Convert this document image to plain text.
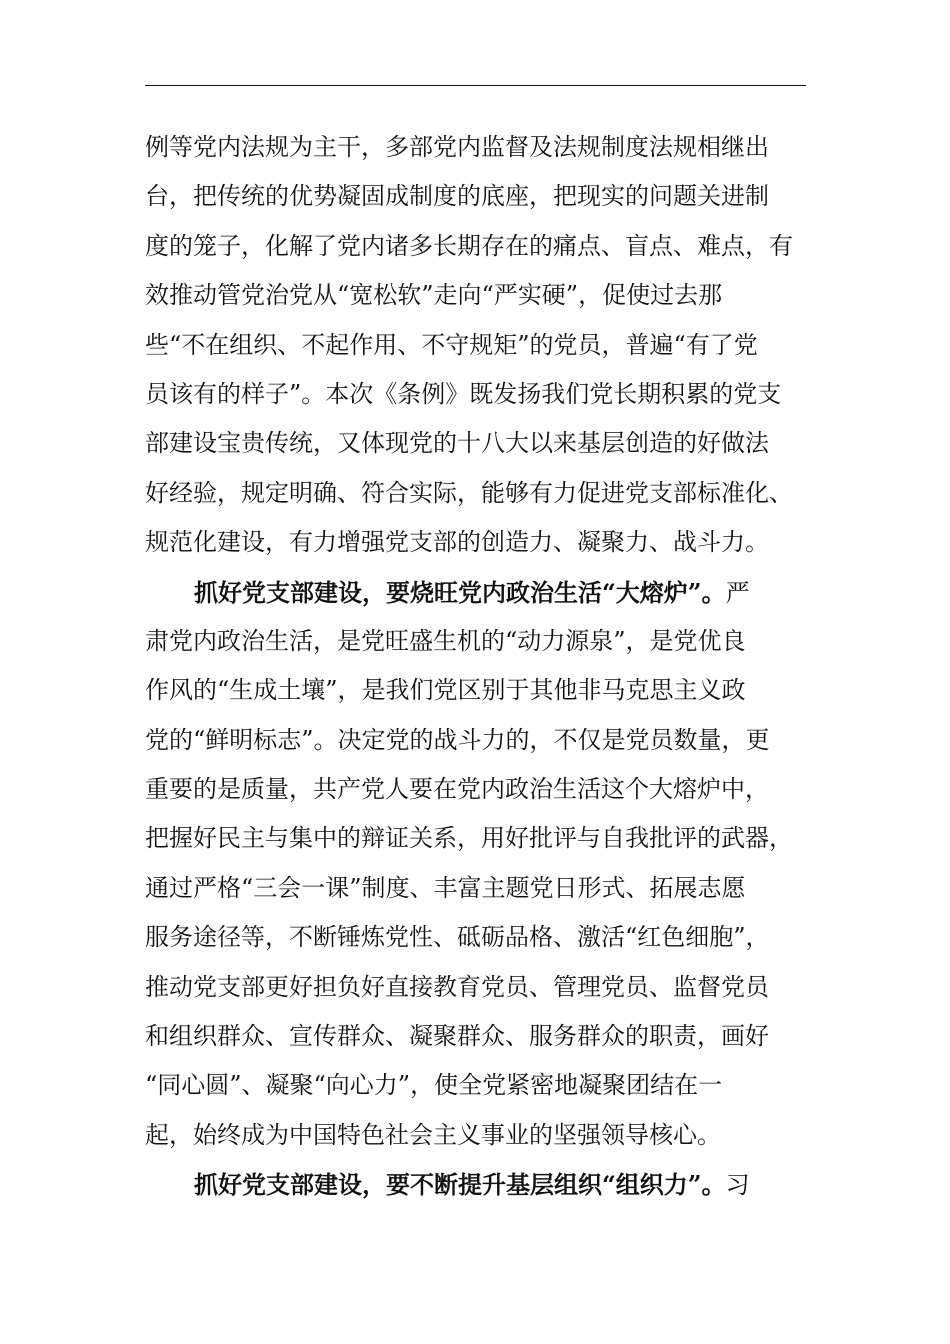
例等党内法规为主干，多部党内监督及法规制度法规相继出
台，把传统的优势凝固成制度的底座，把现实的问题关进制
度的笼子，化解了党内诸多长期存在的痛点、盲点、难点，有
效推动管党治党从“宽松软”走向“严实硬”，促使过去那
些“不在组织、不起作用、不守规矩”的党员，普遍“有了党
员该有的样子”。本次《条例》既发扬我们党长期积累的党支
部建设宝贵传统，又体现党的十八大以来基层创造的好做法
好经验，规定明确、符合实际，能够有力促进党支部标准化、
规范化建设，有力增强党支部的创造力、凝聚力、战斗力。
抓好党支部建设，要烧旺党内政治生活“大熔炉”。严
肃党内政治生活，是党旺盛生机的“动力源泉”，是党优良
作风的“生成土壤”，是我们党区别于其他非马克思主义政
党的“鲜明标志”。决定党的战斗力的，不仅是党员数量，更
重要的是质量，共产党人要在党内政治生活这个大熔炉中，
把握好民主与集中的辩证关系，用好批评与自我批评的武器，
通过严格“三会一课”制度、丰富主题党日形式、拓展志愿
服务途径等，不断锤炼党性、砥砺品格、激活“红色细胞”，
推动党支部更好担负好直接教育党员、管理党员、监督党员
和组织群众、宣传群众、凝聚群众、服务群众的职责，画好
“同心圆”、凝聚“向心力”，使全党紧密地凝聚团结在一
起，始终成为中国特色社会主义事业的坚强领导核心。
抓好党支部建设，要不断提升基层组织“组织力”。习
